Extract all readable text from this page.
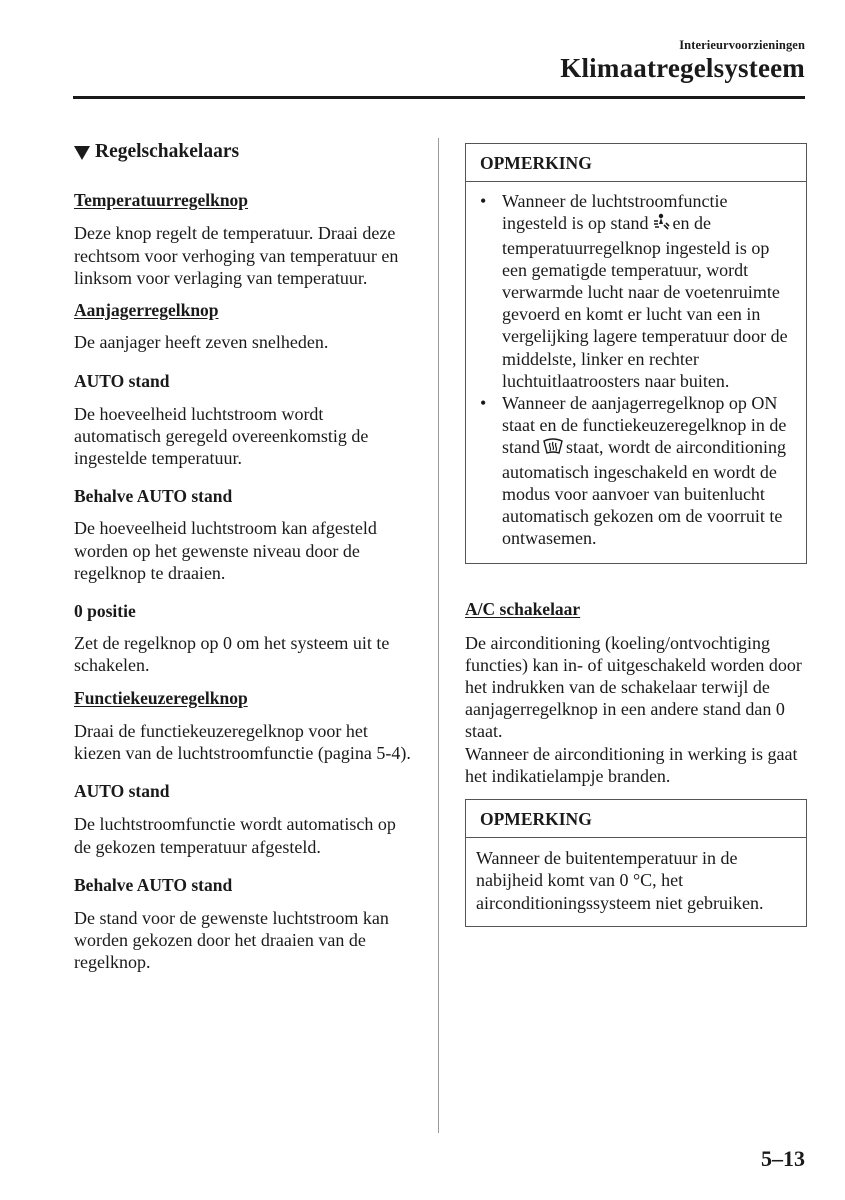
Interieurvoorzieningen
Klimaatregelsysteem
Regelschakelaars
Temperatuurregelknop

Deze knop regelt de temperatuur. Draai deze rechtsom voor verhoging van temperatuur en linksom voor verlaging van temperatuur.

Aanjagerregelknop

De aanjager heeft zeven snelheden.

AUTO stand

De hoeveelheid luchtstroom wordt automatisch geregeld overeenkomstig de ingestelde temperatuur.

Behalve AUTO stand

De hoeveelheid luchtstroom kan afgesteld worden op het gewenste niveau door de regelknop te draaien.

0 positie

Zet de regelknop op 0 om het systeem uit te schakelen.

Functiekeuzeregelknop

Draai de functiekeuzeregelknop voor het kiezen van de luchtstroomfunctie (pagina 5-4).

AUTO stand

De luchtstroomfunctie wordt automatisch op de gekozen temperatuur afgesteld.

Behalve AUTO stand

De stand voor de gewenste luchtstroom kan worden gekozen door het draaien van de regelknop.

OPMERKING
• Wanneer de luchtstroomfunctie ingesteld is op stand en de temperatuurregelknop ingesteld is op een gematigde temperatuur, wordt verwarmde lucht naar de voetenruimte gevoerd en komt er lucht van een in vergelijking lagere temperatuur door de middelste, linker en rechter luchtuitlaatroosters naar buiten.
• Wanneer de aanjagerregelknop op ON staat en de functiekeuzeregelknop in de stand staat, wordt de airconditioning automatisch ingeschakeld en wordt de modus voor aanvoer van buitenlucht automatisch gekozen om de voorruit te ontwasemen.
A/C schakelaar

De airconditioning (koeling/ontvochtiging functies) kan in- of uitgeschakeld worden door het indrukken van de schakelaar terwijl de aanjagerregelknop in een andere stand dan 0 staat.

Wanneer de airconditioning in werking is gaat het indikatielampje branden.

OPMERKING

Wanneer de buitentemperatuur in de nabijheid komt van 0 °C, het airconditioningssysteem niet gebruiken.

5–13
